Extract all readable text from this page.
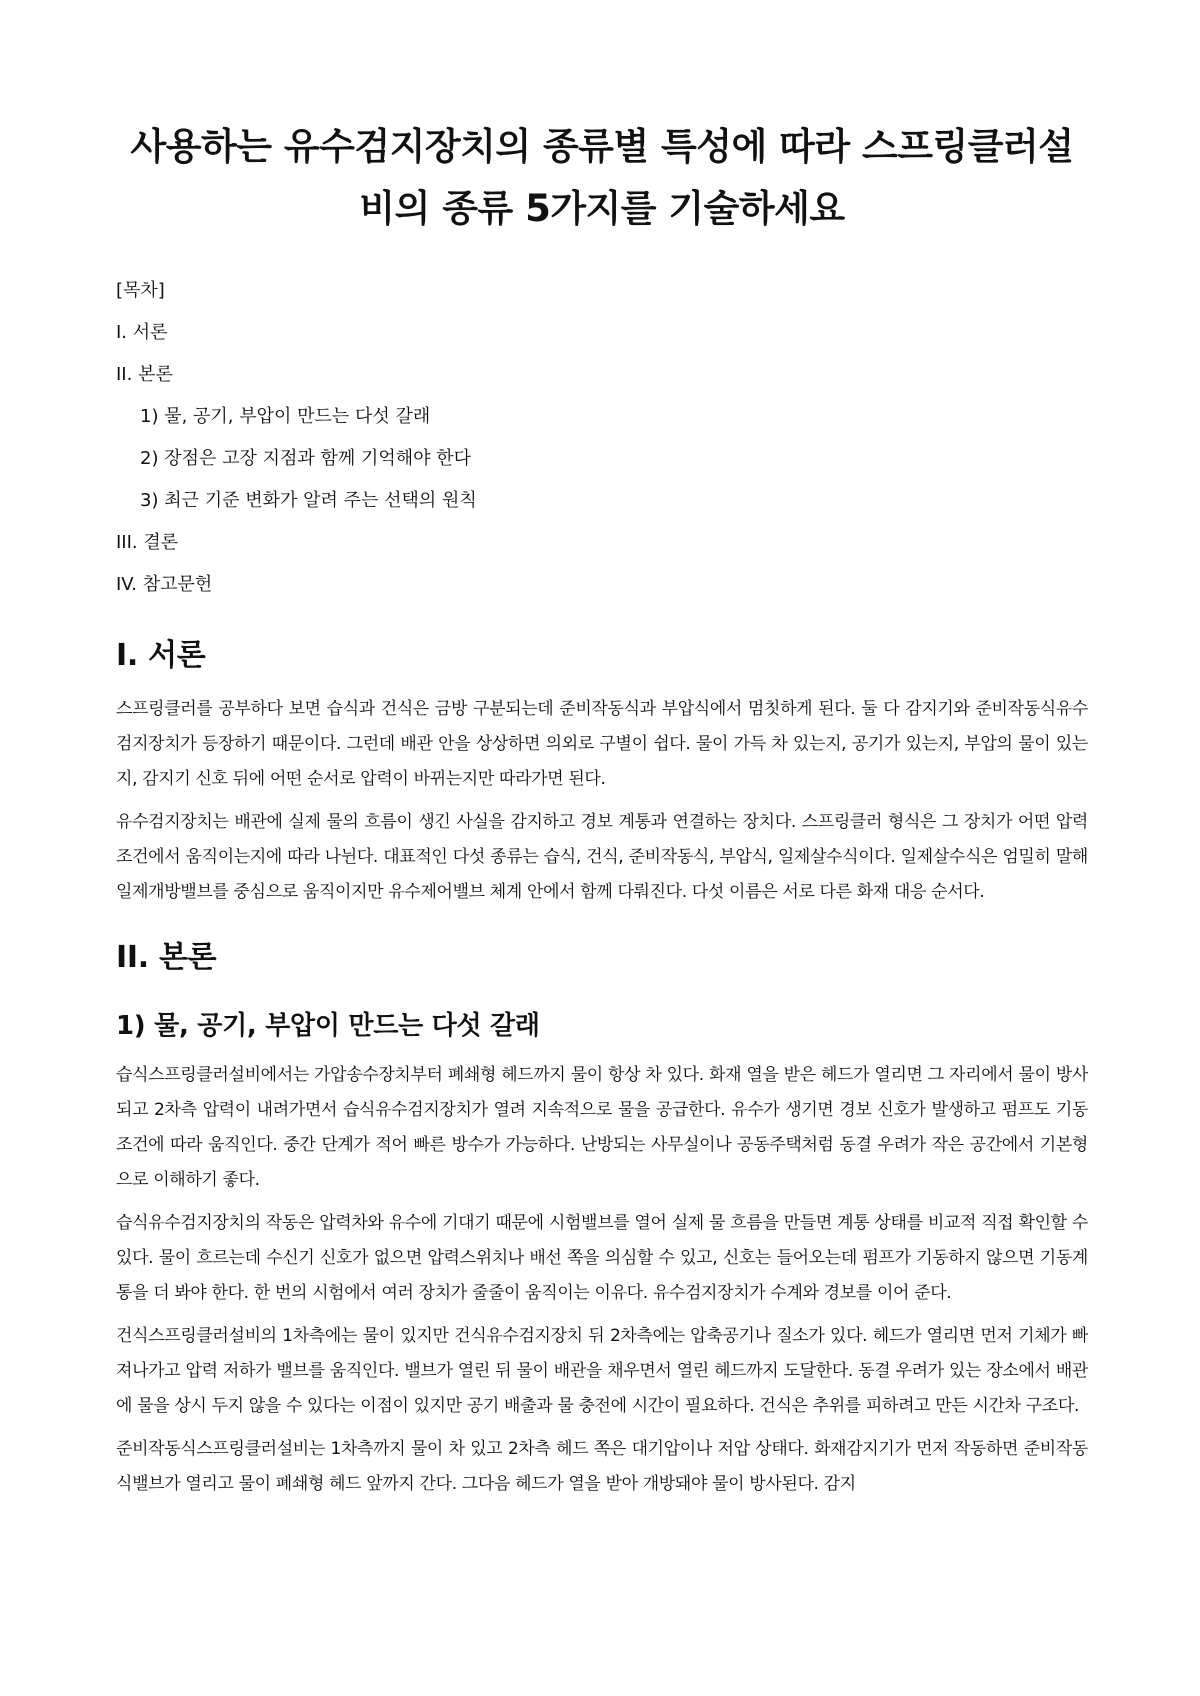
사용하는 유수검지장치의 종류별 특성에 따라 스프링클러설비의 종류 5가지를 기술하세요

[목차]

I. 서론

II. 본론

1) 물, 공기, 부압이 만드는 다섯 갈래

2) 장점은 고장 지점과 함께 기억해야 한다

3) 최근 기준 변화가 알려 주는 선택의 원칙

III. 결론

IV. 참고문헌

I. 서론

스프링클러를 공부하다 보면 습식과 건식은 금방 구분되는데 준비작동식과 부압식에서 멈칫하게 된다. 둘 다 감지기와 준비작동식유수검지장치가 등장하기 때문이다. 그런데 배관 안을 상상하면 의외로 구별이 쉽다. 물이 가득 차 있는지, 공기가 있는지, 부압의 물이 있는지, 감지기 신호 뒤에 어떤 순서로 압력이 바뀌는지만 따라가면 된다.

유수검지장치는 배관에 실제 물의 흐름이 생긴 사실을 감지하고 경보 계통과 연결하는 장치다. 스프링클러 형식은 그 장치가 어떤 압력 조건에서 움직이는지에 따라 나뉜다. 대표적인 다섯 종류는 습식, 건식, 준비작동식, 부압식, 일제살수식이다. 일제살수식은 엄밀히 말해 일제개방밸브를 중심으로 움직이지만 유수제어밸브 체계 안에서 함께 다뤄진다. 다섯 이름은 서로 다른 화재 대응 순서다.

II. 본론
1) 물, 공기, 부압이 만드는 다섯 갈래

습식스프링클러설비에서는 가압송수장치부터 폐쇄형 헤드까지 물이 항상 차 있다. 화재 열을 받은 헤드가 열리면 그 자리에서 물이 방사되고 2차측 압력이 내려가면서 습식유수검지장치가 열려 지속적으로 물을 공급한다. 유수가 생기면 경보 신호가 발생하고 펌프도 기동 조건에 따라 움직인다. 중간 단계가 적어 빠른 방수가 가능하다. 난방되는 사무실이나 공동주택처럼 동결 우려가 작은 공간에서 기본형으로 이해하기 좋다.

습식유수검지장치의 작동은 압력차와 유수에 기대기 때문에 시험밸브를 열어 실제 물 흐름을 만들면 계통 상태를 비교적 직접 확인할 수 있다. 물이 흐르는데 수신기 신호가 없으면 압력스위치나 배선 쪽을 의심할 수 있고, 신호는 들어오는데 펌프가 기동하지 않으면 기동계통을 더 봐야 한다. 한 번의 시험에서 여러 장치가 줄줄이 움직이는 이유다. 유수검지장치가 수계와 경보를 이어 준다.

건식스프링클러설비의 1차측에는 물이 있지만 건식유수검지장치 뒤 2차측에는 압축공기나 질소가 있다. 헤드가 열리면 먼저 기체가 빠져나가고 압력 저하가 밸브를 움직인다. 밸브가 열린 뒤 물이 배관을 채우면서 열린 헤드까지 도달한다. 동결 우려가 있는 장소에서 배관에 물을 상시 두지 않을 수 있다는 이점이 있지만 공기 배출과 물 충전에 시간이 필요하다. 건식은 추위를 피하려고 만든 시간차 구조다.

준비작동식스프링클러설비는 1차측까지 물이 차 있고 2차측 헤드 쪽은 대기압이나 저압 상태다. 화재감지기가 먼저 작동하면 준비작동식밸브가 열리고 물이 폐쇄형 헤드 앞까지 간다. 그다음 헤드가 열을 받아 개방돼야 물이 방사된다. 감지
